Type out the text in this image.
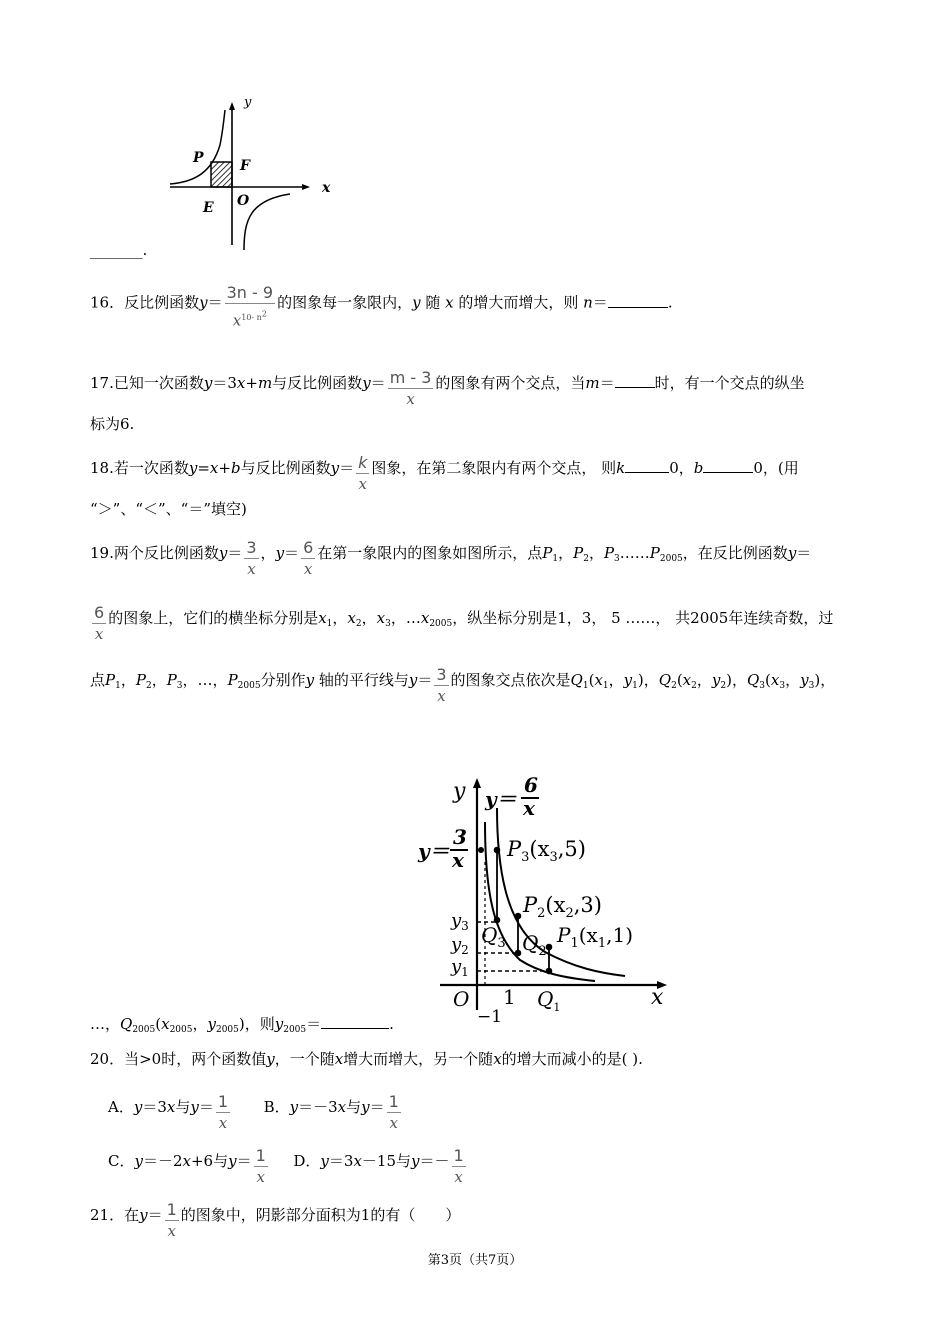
y
x
P	F
E O
_______.
16．反比例函数$y= \frac{3n - 9}{x^{10- n^2}}$ 的图象每一象限内，y 随 x 的增大而增大，则 n＝	.
17.已知一次函数y＝3x+m与反比例函数$y= \frac{m - 3}{x}$ 的图象有两个交点，当m＝	时，有一个交点的纵坐
标为6.
18.若一次函数y=x+b与反比例函数$y= \frac{k}{x}$ 图象，在第二象限内有两个交点， 则k	0，b	0，(用
“＞”、“＜”、“＝”填空)
19.两个反比例函数$y= \frac{3}{x}$ ，$y= \frac{6}{x}$ 在第一象限内的图象如图所示，点$P_1$，$P_2$，$P_3\dots\dots P_{2005}$，在反比例函数y＝
$\frac{6}{x}$ 的图象上，它们的横坐标分别是$x_1$，$x_2$，$x_3$，$\dots x_{2005}$，纵坐标分别是1，3， 5 ……， 共2005年连续奇数，过
点$P_1$，$P_2$，$P_3$，…，$P_{2005}$分别作y 轴的平行线与$y= \frac{3}{x}$ 的图象交点依次是$Q_1(x_1$，$y_1$)，$Q_2(x_2$，$y_2$)，$Q_3(x_3$，$y_3$)，
y y＝
6
x
y＝
3
x $P_3(x_3,5)$
$P_2(x_2,3)$
$P_1(x_1,1)$
$y_3$
$y_2$
$y_1$
$Q_3$ $Q_2$
$Q_1$
O 1
−1
x
…，$Q_{2005}(x_{2005}$，$y_{2005}$)，则$y_{2005}=$	.
20．当>0时，两个函数值y，一个随x增大而增大，另一个随x的增大而减小的是( ).
A．y＝3x与$y= \frac{1}{x}$ B．y＝－3x与$y= \frac{1}{x}$
C．y＝－2x+6与$y= \frac{1}{x}$ D．y＝3x－15与$y=- \frac{1}{x}$
21．在$y= \frac{1}{x}$ 的图象中，阴影部分面积为1的有（　　）
第3页（共7页）
